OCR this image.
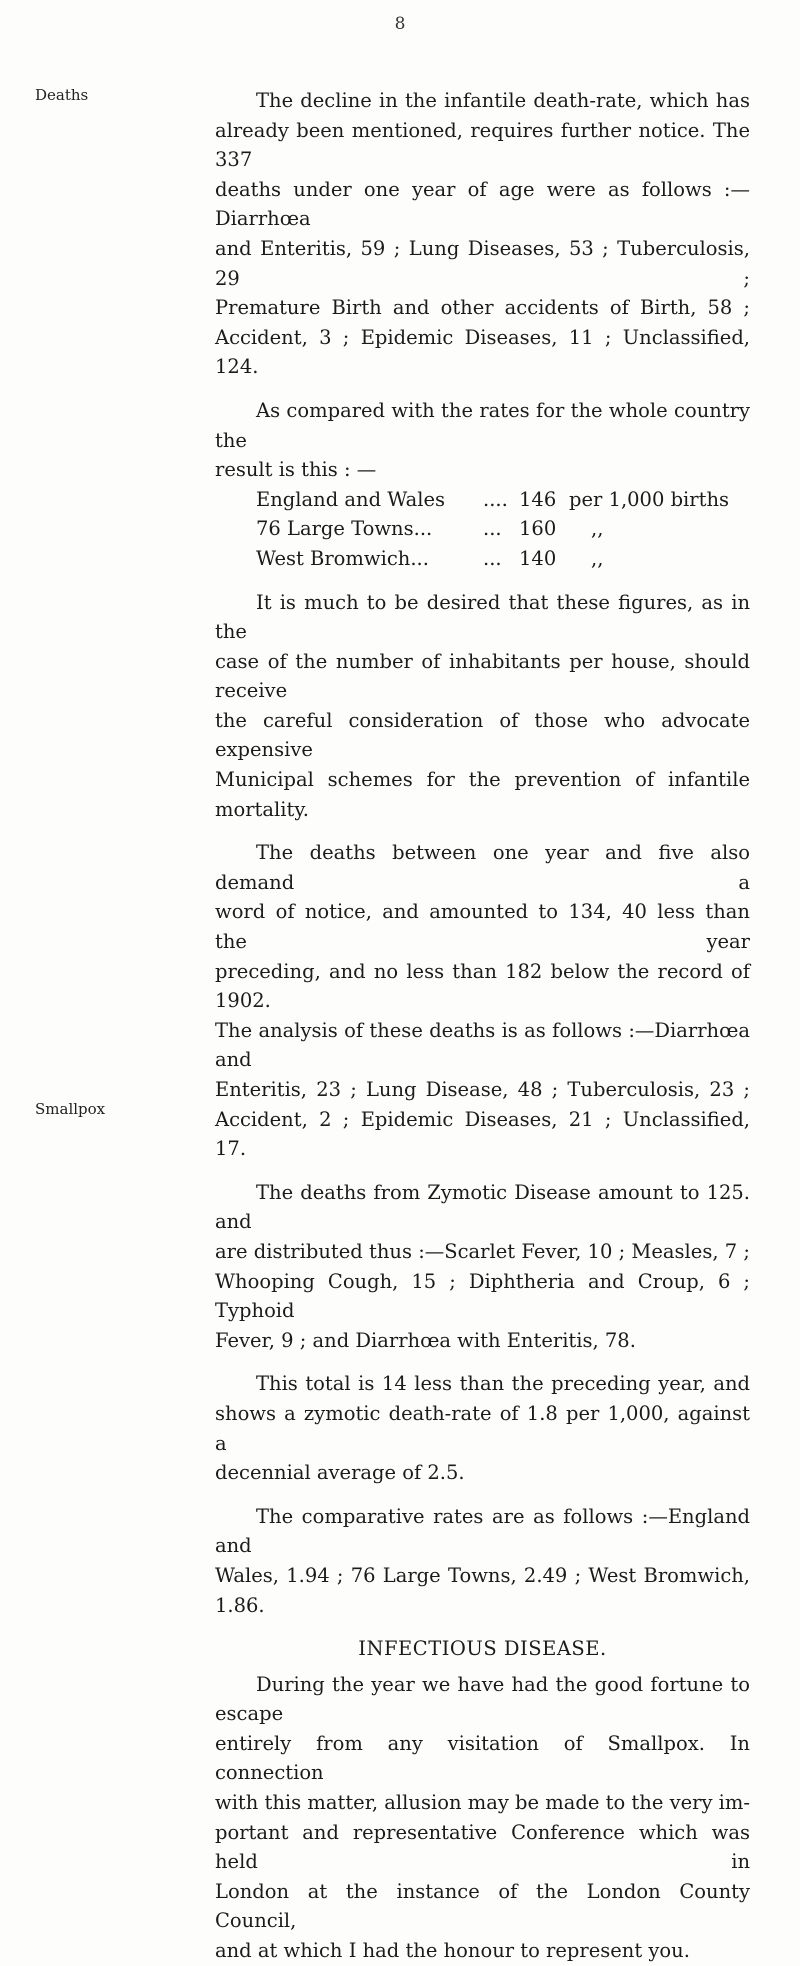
8
Deaths
Smallpox
The decline in the infantile death-rate, which has
already been mentioned, requires further notice. The 337
deaths under one year of age were as follows :—Diarrhœa
and Enteritis, 59 ; Lung Diseases, 53 ; Tuberculosis, 29 ;
Premature Birth and other accidents of Birth, 58 ;
Accident, 3 ; Epidemic Diseases, 11 ; Unclassified, 124.
As compared with the rates for the whole country the
result is this : —
England and Wales	.... 146 per 1,000 births
76 Large Towns...	... 160	,,
West Bromwich...	... 140	,,
It is much to be desired that these figures, as in the
case of the number of inhabitants per house, should receive
the careful consideration of those who advocate expensive
Municipal schemes for the prevention of infantile mortality.
The deaths between one year and five also demand a
word of notice, and amounted to 134, 40 less than the year
preceding, and no less than 182 below the record of 1902.
The analysis of these deaths is as follows :—Diarrhœa and
Enteritis, 23 ; Lung Disease, 48 ; Tuberculosis, 23 ;
Accident, 2 ; Epidemic Diseases, 21 ; Unclassified, 17.
The deaths from Zymotic Disease amount to 125. and
are distributed thus :—Scarlet Fever, 10 ; Measles, 7 ;
Whooping Cough, 15 ; Diphtheria and Croup, 6 ; Typhoid
Fever, 9 ; and Diarrhœa with Enteritis, 78.
This total is 14 less than the preceding year, and
shows a zymotic death-rate of 1.8 per 1,000, against a
decennial average of 2.5.
The comparative rates are as follows :—England and
Wales, 1.94 ; 76 Large Towns, 2.49 ; West Bromwich, 1.86.
INFECTIOUS DISEASE.
During the year we have had the good fortune to escape
entirely from any visitation of Smallpox. In connection
with this matter, allusion may be made to the very im-
portant and representative Conference which was held in
London at the instance of the London County Council,
and at which I had the honour to represent you.
